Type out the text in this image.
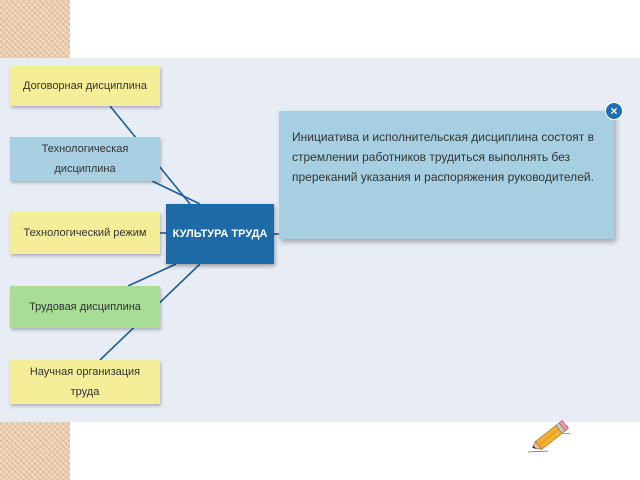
Договорная дисциплина
Технологическая дисциплина
Технологический режим
Трудовая дисциплина
Научная организация труда
КУЛЬТУРА ТРУДА
Инициатива и исполнительская дисциплина состоят в стремлении работников трудиться выполнять без пререканий указания и распоряжения руководителей.
×
